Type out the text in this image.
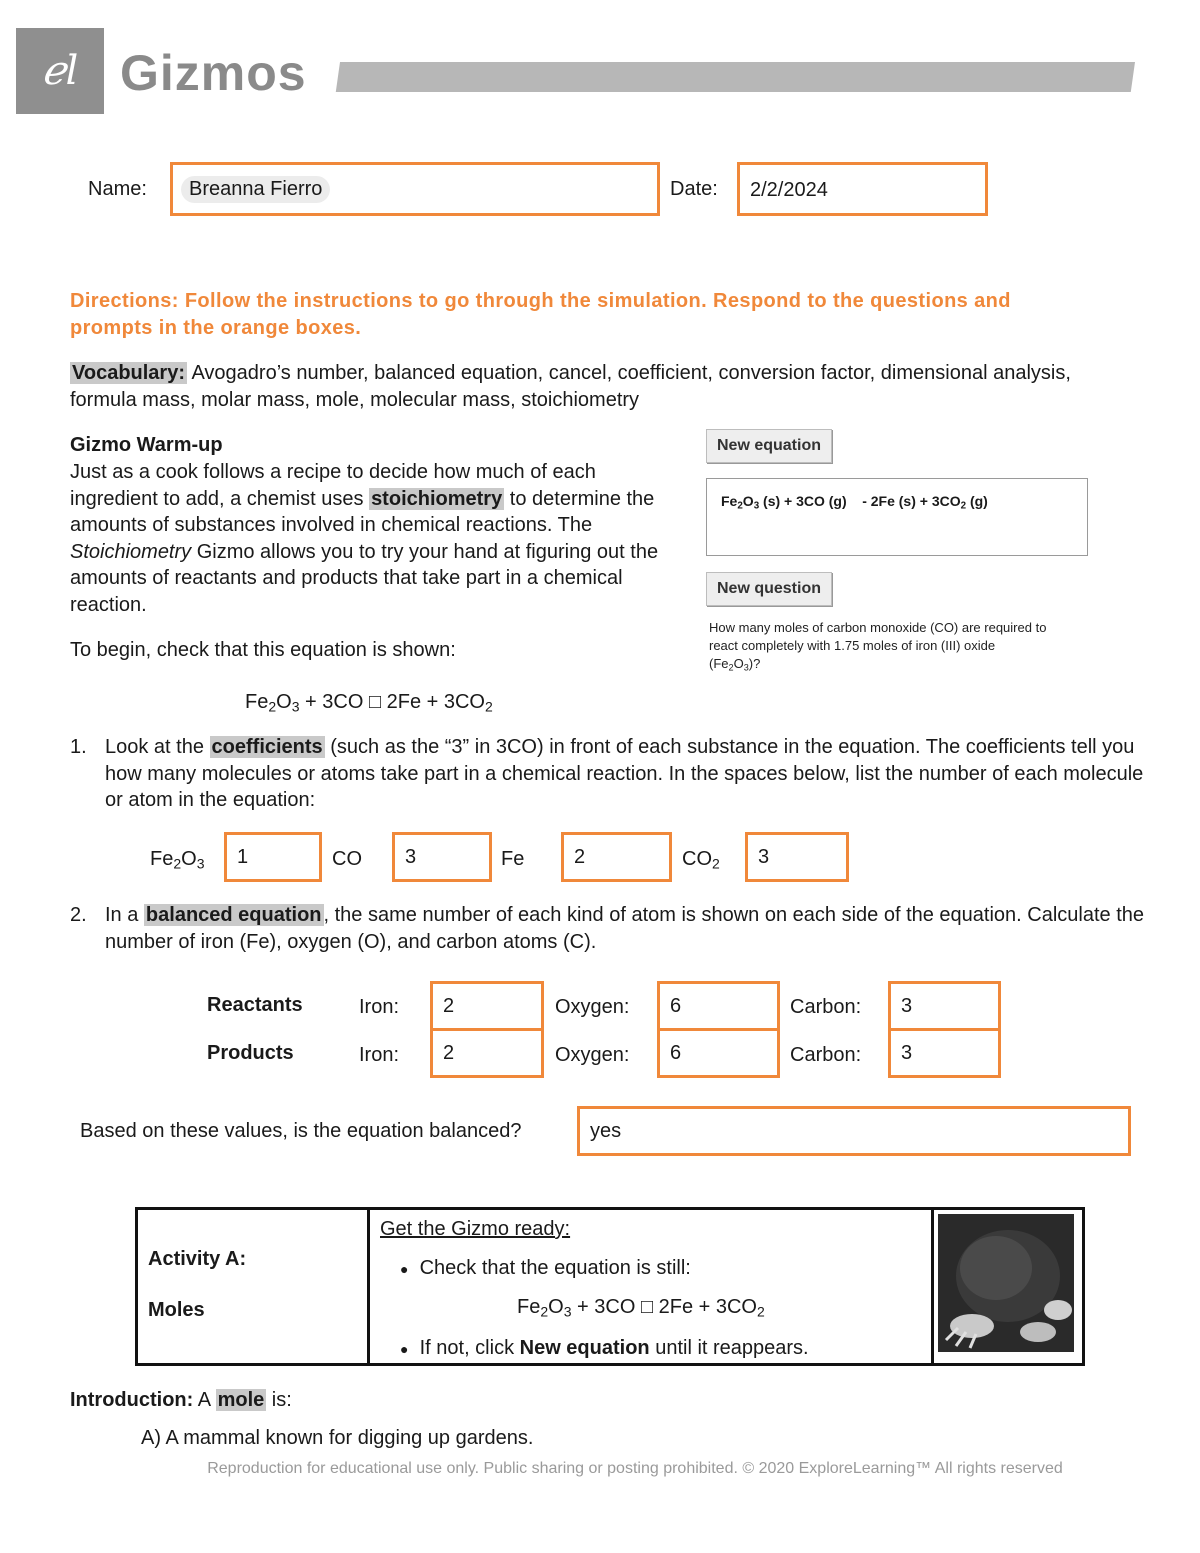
ℯl Gizmos
Name:	Breanna Fierro	Date:	2/2/2024
Directions: Follow the instructions to go through the simulation. Respond to the questions and prompts in the orange boxes.
Vocabulary: Avogadro’s number, balanced equation, cancel, coefficient, conversion factor, dimensional analysis, formula mass, molar mass, mole, molecular mass, stoichiometry
Gizmo Warm-up
Just as a cook follows a recipe to decide how much of each ingredient to add, a chemist uses stoichiometry to determine the amounts of substances involved in chemical reactions. The Stoichiometry Gizmo allows you to try your hand at figuring out the amounts of reactants and products that take part in a chemical reaction.
To begin, check that this equation is shown:
$Fe_2O_3 + 3CO$ □ $2Fe + 3CO_2$
New equation
$Fe_2O_3$ (s) + 3CO (g)    - 2Fe $(s) + 3CO_2$ (g)
New question
How many moles of carbon monoxide (CO) are required to react completely with 1.75 moles of iron (III) oxide $(Fe_2O_3)$?
1. Look at the coefficients (such as the “3” in 3CO) in front of each substance in the equation. The coefficients tell you how many molecules or atoms take part in a chemical reaction. In the spaces below, list the number of each molecule or atom in the equation:
$Fe_2O_3$	1	CO	3	Fe	2	$CO_2$	3
2. In a balanced equation , the same number of each kind of atom is shown on each side of the equation. Calculate the number of iron (Fe), oxygen (O), and carbon atoms (C).
Reactants	Iron:	2	Oxygen:	6	Carbon:	3
Products	Iron:	2	Oxygen:	6	Carbon:	3
Based on these values, is the equation balanced?	yes
Activity A:
Moles

Get the Gizmo ready:
● Check that the equation is still:
$Fe_2O_3 + 3CO$ □ $2Fe + 3CO_2$
● If not, click New equation until it reappears.

Introduction: A mole is:
A) A mammal known for digging up gardens.
Reproduction for educational use only. Public sharing or posting prohibited. © 2020 ExploreLearning™ All rights reserved
